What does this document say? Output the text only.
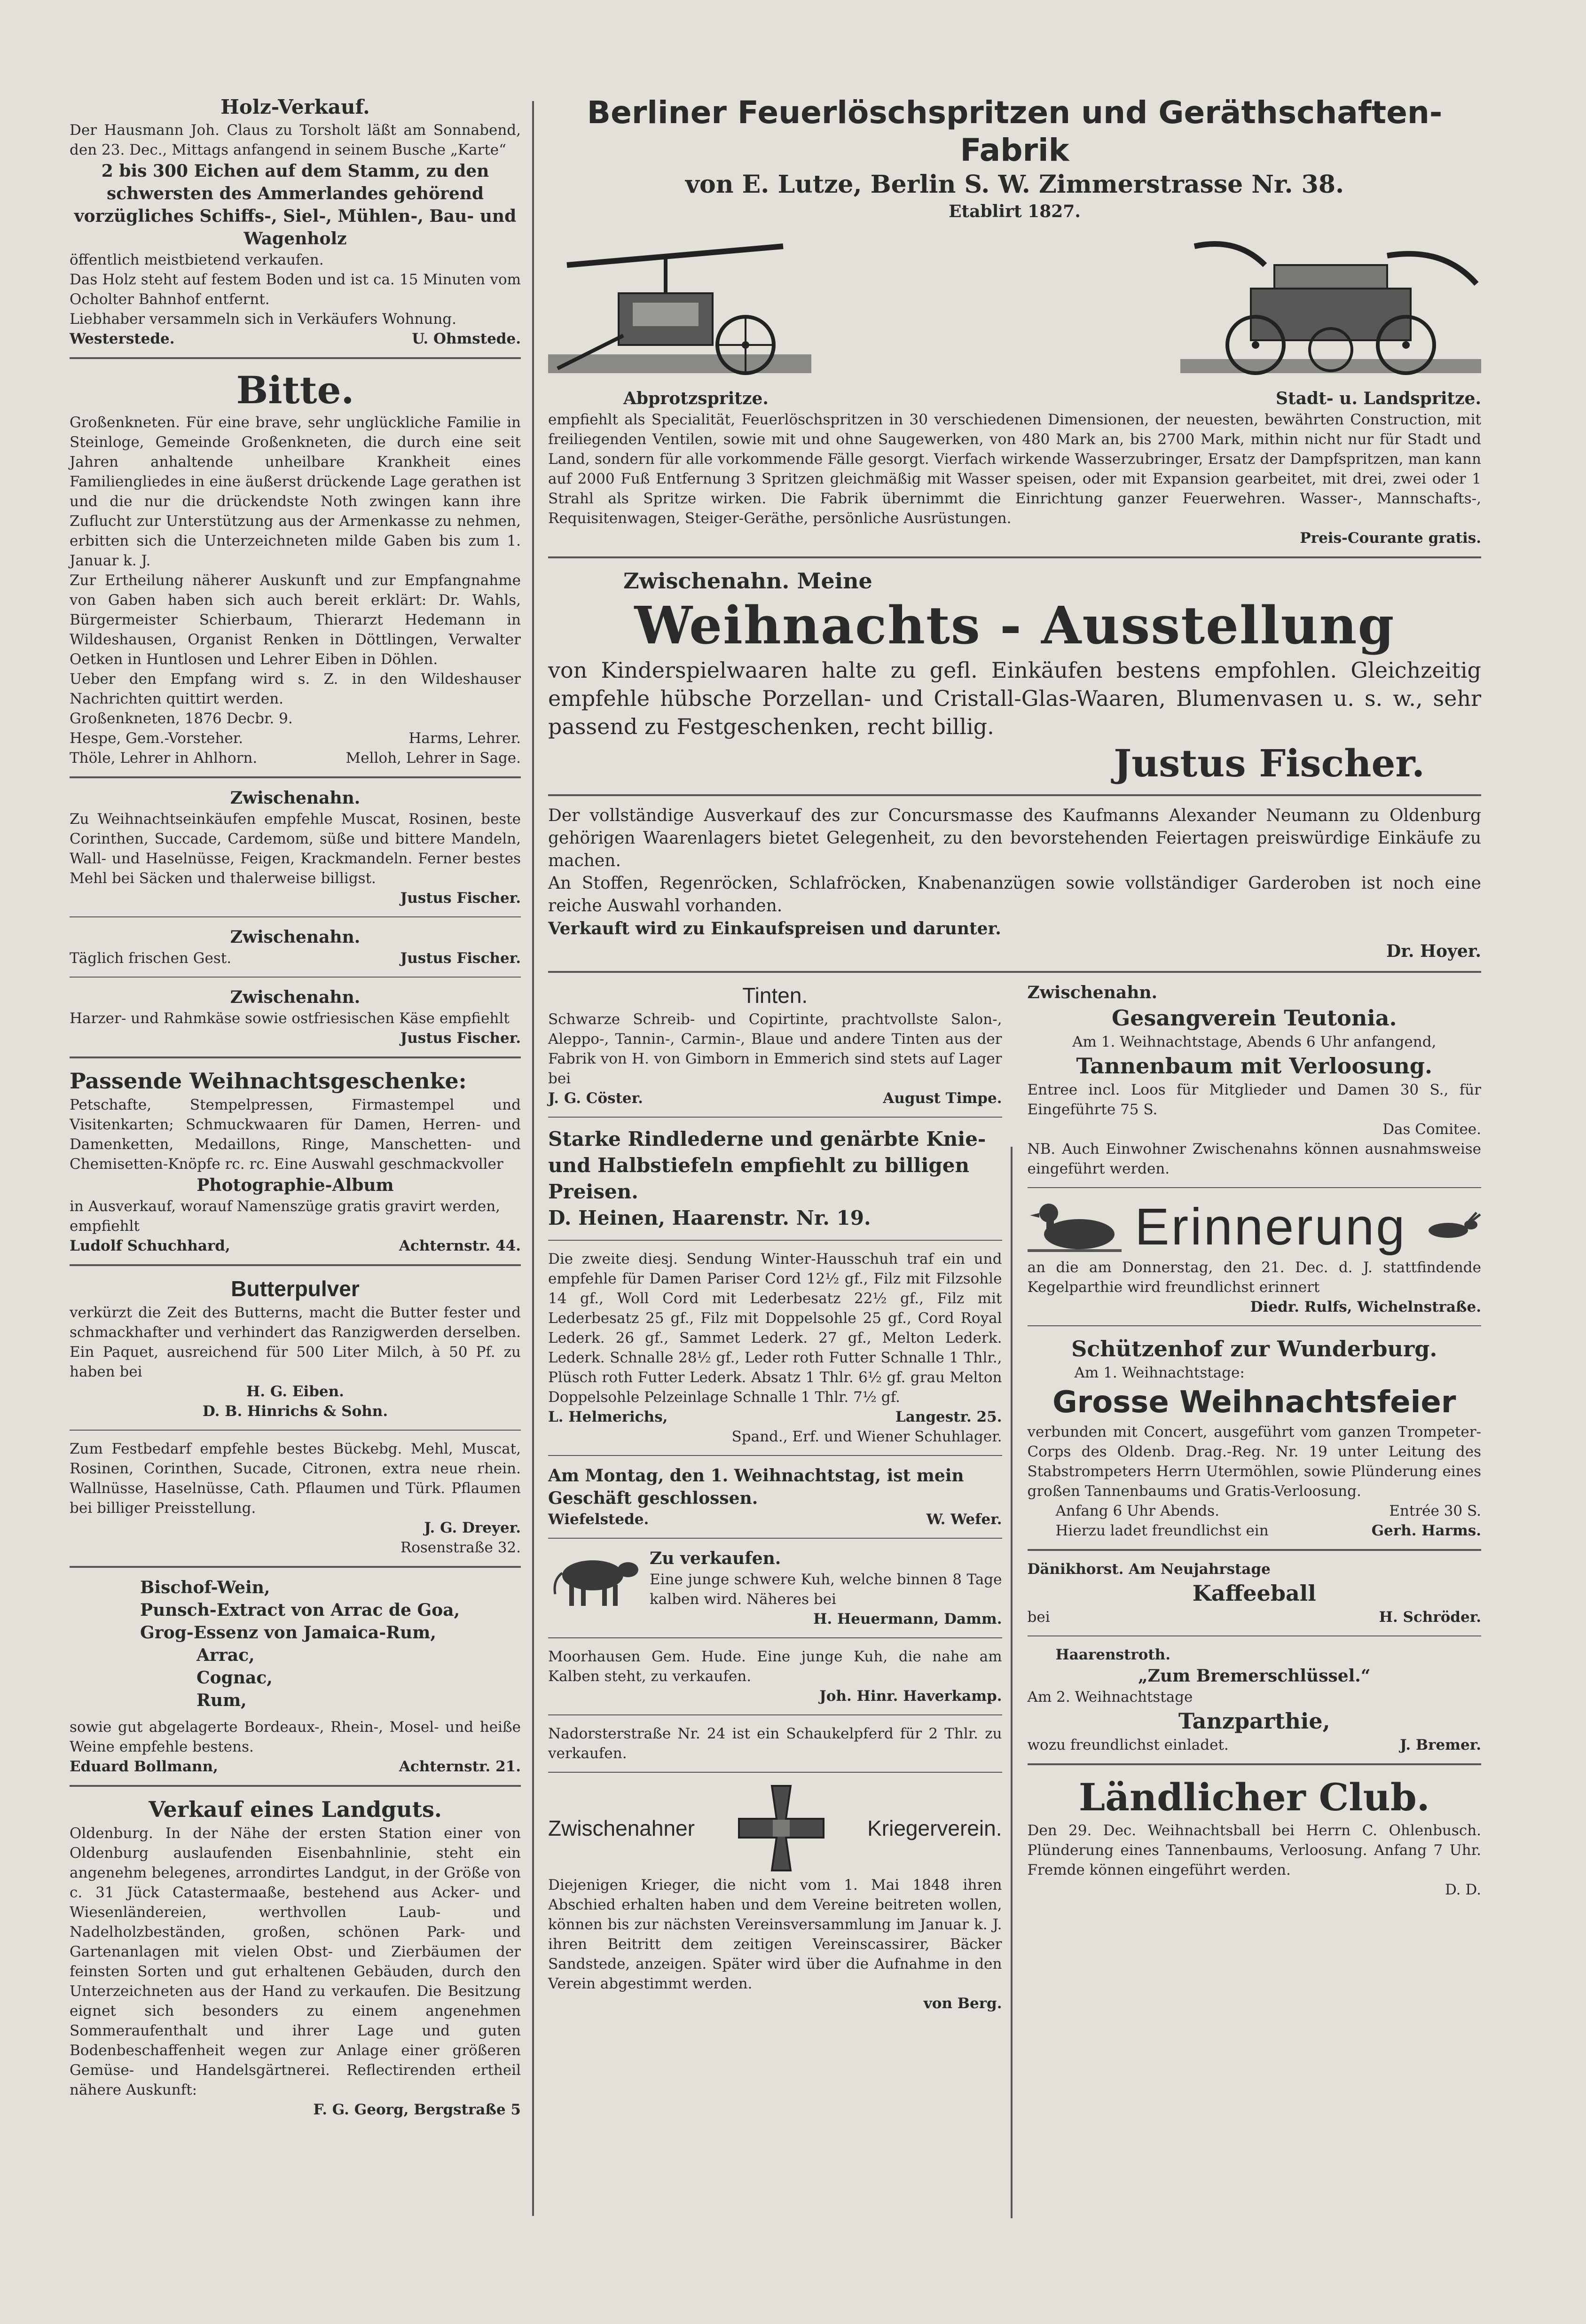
Holz-Verkauf.
Der Hausmann Joh. Claus zu Torsholt läßt am Sonnabend, den 23. Dec., Mittags anfangend in seinem Busche „Karte“
2 bis 300 Eichen auf dem Stamm, zu den schwersten des Ammerlandes gehörend vorzügliches Schiffs-, Siel-, Mühlen-, Bau- und Wagenholz
öffentlich meistbietend verkaufen.
Das Holz steht auf festem Boden und ist ca. 15 Minuten vom Ocholter Bahnhof entfernt.
Liebhaber versammeln sich in Verkäufers Wohnung.
Westerstede.	U. Ohmstede.
Bitte.
Großenkneten. Für eine brave, sehr unglückliche Familie in Steinloge, Gemeinde Großenkneten, die durch eine seit Jahren anhaltende unheilbare Krankheit eines Familiengliedes in eine äußerst drückende Lage gerathen ist und die nur die drückendste Noth zwingen kann ihre Zuflucht zur Unterstützung aus der Armenkasse zu nehmen, erbitten sich die Unterzeichneten milde Gaben bis zum 1. Januar k. J.
Zur Ertheilung näherer Auskunft und zur Empfangnahme von Gaben haben sich auch bereit erklärt: Dr. Wahls, Bürgermeister Schierbaum, Thierarzt Hedemann in Wildeshausen, Organist Renken in Döttlingen, Verwalter Oetken in Huntlosen und Lehrer Eiben in Döhlen.
Ueber den Empfang wird s. Z. in den Wildeshauser Nachrichten quittirt werden.
Großenkneten, 1876 Decbr. 9.
Hespe, Gem.-Vorsteher.	Harms, Lehrer.
Thöle, Lehrer in Ahlhorn.	Melloh, Lehrer in Sage.
Zwischenahn.
Zu Weihnachtseinkäufen empfehle Muscat, Rosinen, beste Corinthen, Succade, Cardemom, süße und bittere Mandeln, Wall- und Haselnüsse, Feigen, Krackmandeln. Ferner bestes Mehl bei Säcken und thalerweise billigst.
Justus Fischer.
Zwischenahn.
Täglich frischen Gest.	Justus Fischer.
Zwischenahn.
Harzer- und Rahmkäse sowie ostfriesischen Käse empfiehlt
Justus Fischer.
Passende Weihnachtsgeschenke:
Petschafte, Stempelpressen, Firmastempel und Visitenkarten; Schmuckwaaren für Damen, Herren- und Damenketten, Medaillons, Ringe, Manschetten- und Chemisetten-Knöpfe rc. rc. Eine Auswahl geschmackvoller
Photographie-Album
in Ausverkauf, worauf Namenszüge gratis gravirt werden, empfiehlt
Ludolf Schuchhard,	Achternstr. 44.
Butterpulver
verkürzt die Zeit des Butterns, macht die Butter fester und schmackhafter und verhindert das Ranzigwerden derselben. Ein Paquet, ausreichend für 500 Liter Milch, à 50 Pf. zu haben bei
H. G. Eiben.
D. B. Hinrichs & Sohn.
Zum Festbedarf empfehle bestes Bückebg. Mehl, Muscat, Rosinen, Corinthen, Sucade, Citronen, extra neue rhein. Wallnüsse, Haselnüsse, Cath. Pflaumen und Türk. Pflaumen bei billiger Preisstellung.
J. G. Dreyer.
Rosenstraße 32.
Bischof-Wein,
Punsch-Extract von Arrac de Goa,
Grog-Essenz von Jamaica-Rum,
Arrac,
Cognac,
Rum,
sowie gut abgelagerte Bordeaux-, Rhein-, Mosel- und heiße Weine empfehle bestens.
Eduard Bollmann,	Achternstr. 21.
Verkauf eines Landguts.
Oldenburg. In der Nähe der ersten Station einer von Oldenburg auslaufenden Eisenbahnlinie, steht ein angenehm belegenes, arrondirtes Landgut, in der Größe von c. 31 Jück Catastermaaße, bestehend aus Acker- und Wiesenländereien, werthvollen Laub- und Nadelholzbeständen, großen, schönen Park- und Gartenanlagen mit vielen Obst- und Zierbäumen der feinsten Sorten und gut erhaltenen Gebäuden, durch den Unterzeichneten aus der Hand zu verkaufen. Die Besitzung eignet sich besonders zu einem angenehmen Sommeraufenthalt und ihrer Lage und guten Bodenbeschaffenheit wegen zur Anlage einer größeren Gemüse- und Handelsgärtnerei. Reflectirenden ertheil nähere Auskunft:
F. G. Georg, Bergstraße 5
Berliner Feuerlöschspritzen und Geräthschaften-
Fabrik
von E. Lutze, Berlin S. W. Zimmerstrasse Nr. 38.
Etablirt 1827.
Abprotzspritze.	Stadt- u. Landspritze.
empfiehlt als Specialität, Feuerlöschspritzen in 30 verschiedenen Dimensionen, der neuesten, bewährten Construction, mit freiliegenden Ventilen, sowie mit und ohne Saugewerken, von 480 Mark an, bis 2700 Mark, mithin nicht nur für Stadt und Land, sondern für alle vorkommende Fälle gesorgt. Vierfach wirkende Wasserzubringer, Ersatz der Dampfspritzen, man kann auf 2000 Fuß Entfernung 3 Spritzen gleichmäßig mit Wasser speisen, oder mit Expansion gearbeitet, mit drei, zwei oder 1 Strahl als Spritze wirken. Die Fabrik übernimmt die Einrichtung ganzer Feuerwehren. Wasser-, Mannschafts-, Requisitenwagen, Steiger-Geräthe, persönliche Ausrüstungen.
Preis-Courante gratis.
Zwischenahn. Meine
Weihnachts - Ausstellung
von Kinderspielwaaren halte zu gefl. Einkäufen bestens empfohlen. Gleichzeitig empfehle hübsche Porzellan- und Cristall-Glas-Waaren, Blumenvasen u. s. w., sehr passend zu Festgeschenken, recht billig.
Justus Fischer.
Der vollständige Ausverkauf des zur Concursmasse des Kaufmanns Alexander Neumann zu Oldenburg gehörigen Waarenlagers bietet Gelegenheit, zu den bevorstehenden Feiertagen preiswürdige Einkäufe zu machen.
An Stoffen, Regenröcken, Schlafröcken, Knabenanzügen sowie vollständiger Garderoben ist noch eine reiche Auswahl vorhanden.
Verkauft wird zu Einkaufspreisen und darunter.
Dr. Hoyer.
Tinten.
Schwarze Schreib- und Copirtinte, prachtvollste Salon-, Aleppo-, Tannin-, Carmin-, Blaue und andere Tinten aus der Fabrik von H. von Gimborn in Emmerich sind stets auf Lager bei
J. G. Cöster.	August Timpe.
Starke Rindlederne und genärbte Knie- und Halbstiefeln empfiehlt zu billigen Preisen.
D. Heinen, Haarenstr. Nr. 19.
Die zweite diesj. Sendung Winter-Hausschuh traf ein und empfehle für Damen Pariser Cord 12½ gf., Filz mit Filzsohle 14 gf., Woll Cord mit Lederbesatz 22½ gf., Filz mit Lederbesatz 25 gf., Filz mit Doppelsohle 25 gf., Cord Royal Lederk. 26 gf., Sammet Lederk. 27 gf., Melton Lederk. Lederk. Schnalle 28½ gf., Leder roth Futter Schnalle 1 Thlr., Plüsch roth Futter Lederk. Absatz 1 Thlr. 6½ gf. grau Melton Doppelsohle Pelzeinlage Schnalle 1 Thlr. 7½ gf.
L. Helmerichs,	Langestr. 25.
Spand., Erf. und Wiener Schuhlager.
Am Montag, den 1. Weihnachtstag, ist mein Geschäft geschlossen.
Wiefelstede.	W. Wefer.
Zu verkaufen.
Eine junge schwere Kuh, welche binnen 8 Tage kalben wird. Näheres bei
H. Heuermann, Damm.
Moorhausen Gem. Hude. Eine junge Kuh, die nahe am Kalben steht, zu verkaufen.
Joh. Hinr. Haverkamp.
Nadorsterstraße Nr. 24 ist ein Schaukelpferd für 2 Thlr. zu verkaufen.
Zwischenahner	Kriegerverein.
Diejenigen Krieger, die nicht vom 1. Mai 1848 ihren Abschied erhalten haben und dem Vereine beitreten wollen, können bis zur nächsten Vereinsversammlung im Januar k. J. ihren Beitritt dem zeitigen Vereinscassirer, Bäcker Sandstede, anzeigen. Später wird über die Aufnahme in den Verein abgestimmt werden.
von Berg.
Zwischenahn.
Gesangverein Teutonia.
Am 1. Weihnachtstage, Abends 6 Uhr anfangend,
Tannenbaum mit Verloosung.
Entree incl. Loos für Mitglieder und Damen 30 S., für Eingeführte 75 S.
Das Comitee.
NB. Auch Einwohner Zwischenahns können ausnahmsweise eingeführt werden.
Erinnerung
an die am Donnerstag, den 21. Dec. d. J. stattfindende Kegelparthie wird freundlichst erinnert
Diedr. Rulfs, Wichelnstraße.
Schützenhof zur Wunderburg.
Am 1. Weihnachtstage:
Grosse Weihnachtsfeier
verbunden mit Concert, ausgeführt vom ganzen Trompeter-Corps des Oldenb. Drag.-Reg. Nr. 19 unter Leitung des Stabstrompeters Herrn Utermöhlen, sowie Plünderung eines großen Tannenbaums und Gratis-Verloosung.
Anfang 6 Uhr Abends.	Entrée 30 S.
Hierzu ladet freundlichst ein	Gerh. Harms.
Dänikhorst. Am Neujahrstage
Kaffeeball
bei	H. Schröder.
Haarenstroth.
„Zum Bremerschlüssel.“
Am 2. Weihnachtstage
Tanzparthie,
wozu freundlichst einladet.	J. Bremer.
Ländlicher Club.
Den 29. Dec. Weihnachtsball bei Herrn C. Ohlenbusch. Plünderung eines Tannenbaums, Verloosung. Anfang 7 Uhr. Fremde können eingeführt werden.
D. D.
